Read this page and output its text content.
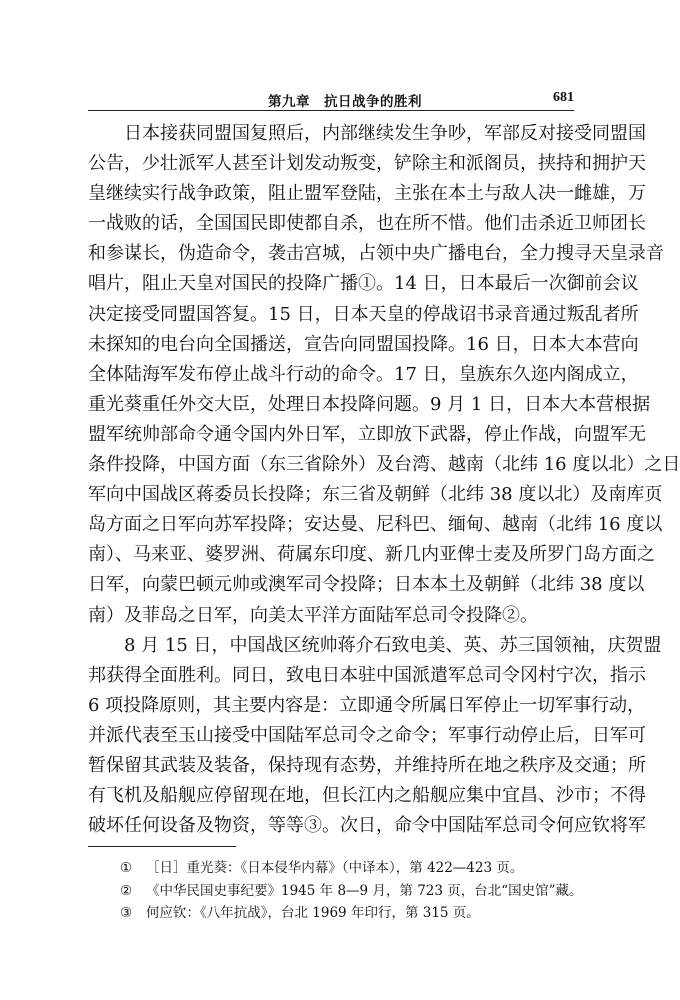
第九章　抗日战争的胜利	681
日本接获同盟国复照后，内部继续发生争吵，军部反对接受同盟国
公告，少壮派军人甚至计划发动叛变，铲除主和派阁员，挟持和拥护天
皇继续实行战争政策，阻止盟军登陆，主张在本土与敌人决一雌雄，万
一战败的话，全国国民即使都自杀，也在所不惜。他们击杀近卫师团长
和参谋长，伪造命令，袭击宫城，占领中央广播电台，全力搜寻天皇录音
唱片，阻止天皇对国民的投降广播①。14 日，日本最后一次御前会议
决定接受同盟国答复。15 日，日本天皇的停战诏书录音通过叛乱者所
未探知的电台向全国播送，宣告向同盟国投降。16 日，日本大本营向
全体陆海军发布停止战斗行动的命令。17 日，皇族东久迩内阁成立，
重光葵重任外交大臣，处理日本投降问题。9 月 1 日，日本大本营根据
盟军统帅部命令通令国内外日军，立即放下武器，停止作战，向盟军无
条件投降，中国方面（东三省除外）及台湾、越南（北纬 16 度以北）之日
军向中国战区蒋委员长投降；东三省及朝鲜（北纬 38 度以北）及南库页
岛方面之日军向苏军投降；安达曼、尼科巴、缅甸、越南（北纬 16 度以
南）、马来亚、婆罗洲、荷属东印度、新几内亚俾士麦及所罗门岛方面之
日军，向蒙巴顿元帅或澳军司令投降；日本本土及朝鲜（北纬 38 度以
南）及菲岛之日军，向美太平洋方面陆军总司令投降②。
8 月 15 日，中国战区统帅蒋介石致电美、英、苏三国领袖，庆贺盟
邦获得全面胜利。同日，致电日本驻中国派遣军总司令冈村宁次，指示
6 项投降原则，其主要内容是：立即通令所属日军停止一切军事行动，
并派代表至玉山接受中国陆军总司令之命令；军事行动停止后，日军可
暂保留其武装及装备，保持现有态势，并维持所在地之秩序及交通；所
有飞机及船舰应停留现在地，但长江内之船舰应集中宜昌、沙市；不得
破坏任何设备及物资，等等③。次日，命令中国陆军总司令何应钦将军
①	［日］重光葵：《日本侵华内幕》（中译本），第 422—423 页。
②	《中华民国史事纪要》1945 年 8—9 月，第 723 页，台北“国史馆”藏。
③	何应钦：《八年抗战》，台北 1969 年印行，第 315 页。
